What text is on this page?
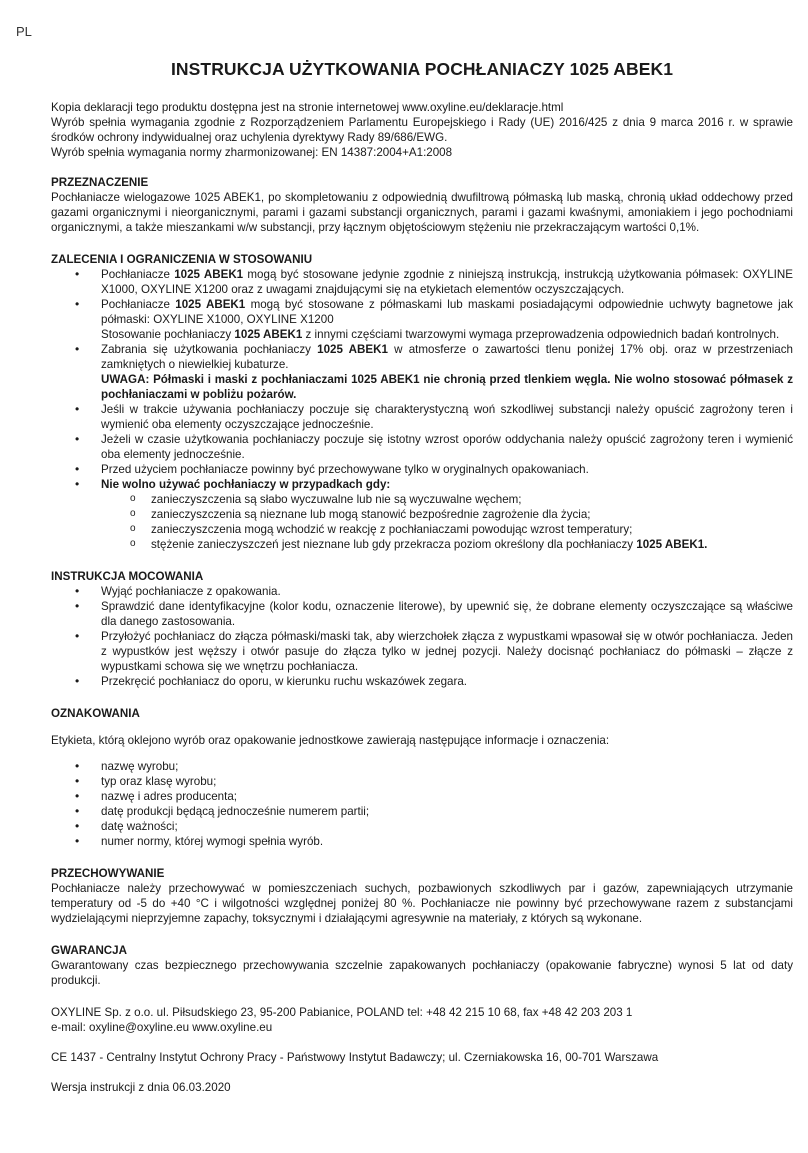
PL
INSTRUKCJA UŻYTKOWANIA POCHŁANIACZY 1025 ABEK1

Kopia deklaracji tego produktu dostępna jest na stronie internetowej www.oxyline.eu/deklaracje.html

Wyrób spełnia wymagania zgodnie z Rozporządzeniem Parlamentu Europejskiego i Rady (UE) 2016/425 z dnia 9 marca 2016 r. w sprawie środków ochrony indywidualnej oraz uchylenia dyrektywy Rady 89/686/EWG.

Wyrób spełnia wymagania normy zharmonizowanej: EN 14387:2004+A1:2008

PRZEZNACZENIE

Pochłaniacze wielogazowe 1025 ABEK1, po skompletowaniu z odpowiednią dwufiltrową półmaską lub maską, chronią układ oddechowy przed gazami organicznymi i nieorganicznymi, parami i gazami substancji organicznych, parami i gazami kwaśnymi, amoniakiem i jego pochodniami organicznymi, a także mieszankami w/w substancji, przy łącznym objętościowym stężeniu nie przekraczającym wartości 0,1%.

ZALECENIA I OGRANICZENIA W STOSOWANIU
• Pochłaniacze 1025 ABEK1 mogą być stosowane jedynie zgodnie z niniejszą instrukcją, instrukcją użytkowania półmasek: OXYLINE X1000, OXYLINE X1200 oraz z uwagami znajdującymi się na etykietach elementów oczyszczających.
• Pochłaniacze 1025 ABEK1 mogą być stosowane z półmaskami lub maskami posiadającymi odpowiednie uchwyty bagnetowe jak półmaski: OXYLINE X1000, OXYLINE X1200
Stosowanie pochłaniaczy 1025 ABEK1 z innymi częściami twarzowymi wymaga przeprowadzenia odpowiednich badań kontrolnych.
• Zabrania się użytkowania pochłaniaczy 1025 ABEK1 w atmosferze o zawartości tlenu poniżej 17% obj. oraz w przestrzeniach zamkniętych o niewielkiej kubaturze.
UWAGA: Półmaski i maski z pochłaniaczami 1025 ABEK1 nie chronią przed tlenkiem węgla. Nie wolno stosować półmasek z pochłaniaczami w pobliżu pożarów.
• Jeśli w trakcie używania pochłaniaczy poczuje się charakterystyczną woń szkodliwej substancji należy opuścić zagrożony teren i wymienić oba elementy oczyszczające jednocześnie.
• Jeżeli w czasie użytkowania pochłaniaczy poczuje się istotny wzrost oporów oddychania należy opuścić zagrożony teren i wymienić oba elementy jednocześnie.
• Przed użyciem pochłaniacze powinny być przechowywane tylko w oryginalnych opakowaniach.
• Nie wolno używać pochłaniaczy w przypadkach gdy:
o zanieczyszczenia są słabo wyczuwalne lub nie są wyczuwalne węchem;
o zanieczyszczenia są nieznane lub mogą stanowić bezpośrednie zagrożenie dla życia;
o zanieczyszczenia mogą wchodzić w reakcję z pochłaniaczami powodując wzrost temperatury;
o stężenie zanieczyszczeń jest nieznane lub gdy przekracza poziom określony dla pochłaniaczy 1025 ABEK1.
INSTRUKCJA MOCOWANIA
• Wyjąć pochłaniacze z opakowania.
• Sprawdzić dane identyfikacyjne (kolor kodu, oznaczenie literowe), by upewnić się, że dobrane elementy oczyszczające są właściwe dla danego zastosowania.
• Przyłożyć pochłaniacz do złącza półmaski/maski tak, aby wierzchołek złącza z wypustkami wpasował się w otwór pochłaniacza. Jeden z wypustków jest węższy i otwór pasuje do złącza tylko w jednej pozycji. Należy docisnąć pochłaniacz do półmaski – złącze z wypustkami schowa się we wnętrzu pochłaniacza.
• Przekręcić pochłaniacz do oporu, w kierunku ruchu wskazówek zegara.
OZNAKOWANIA

Etykieta, którą oklejono wyrób oraz opakowanie jednostkowe zawierają następujące informacje i oznaczenia:

• nazwę wyrobu;
• typ oraz klasę wyrobu;
• nazwę i adres producenta;
• datę produkcji będącą jednocześnie numerem partii;
• datę ważności;
• numer normy, której wymogi spełnia wyrób.
PRZECHOWYWANIE

Pochłaniacze należy przechowywać w pomieszczeniach suchych, pozbawionych szkodliwych par i gazów, zapewniających utrzymanie temperatury od -5 do +40 °C i wilgotności względnej poniżej 80 %. Pochłaniacze nie powinny być przechowywane razem z substancjami wydzielającymi nieprzyjemne zapachy, toksycznymi i działającymi agresywnie na materiały, z których są wykonane.

GWARANCJA

Gwarantowany czas bezpiecznego przechowywania szczelnie zapakowanych pochłaniaczy (opakowanie fabryczne) wynosi 5 lat od daty produkcji.

OXYLINE Sp. z o.o. ul. Piłsudskiego 23, 95-200 Pabianice, POLAND tel: +48 42 215 10 68, fax +48 42 203 203 1

e-mail: oxyline@oxyline.eu www.oxyline.eu

CE 1437 - Centralny Instytut Ochrony Pracy - Państwowy Instytut Badawczy; ul. Czerniakowska 16, 00-701 Warszawa

Wersja instrukcji z dnia 06.03.2020
